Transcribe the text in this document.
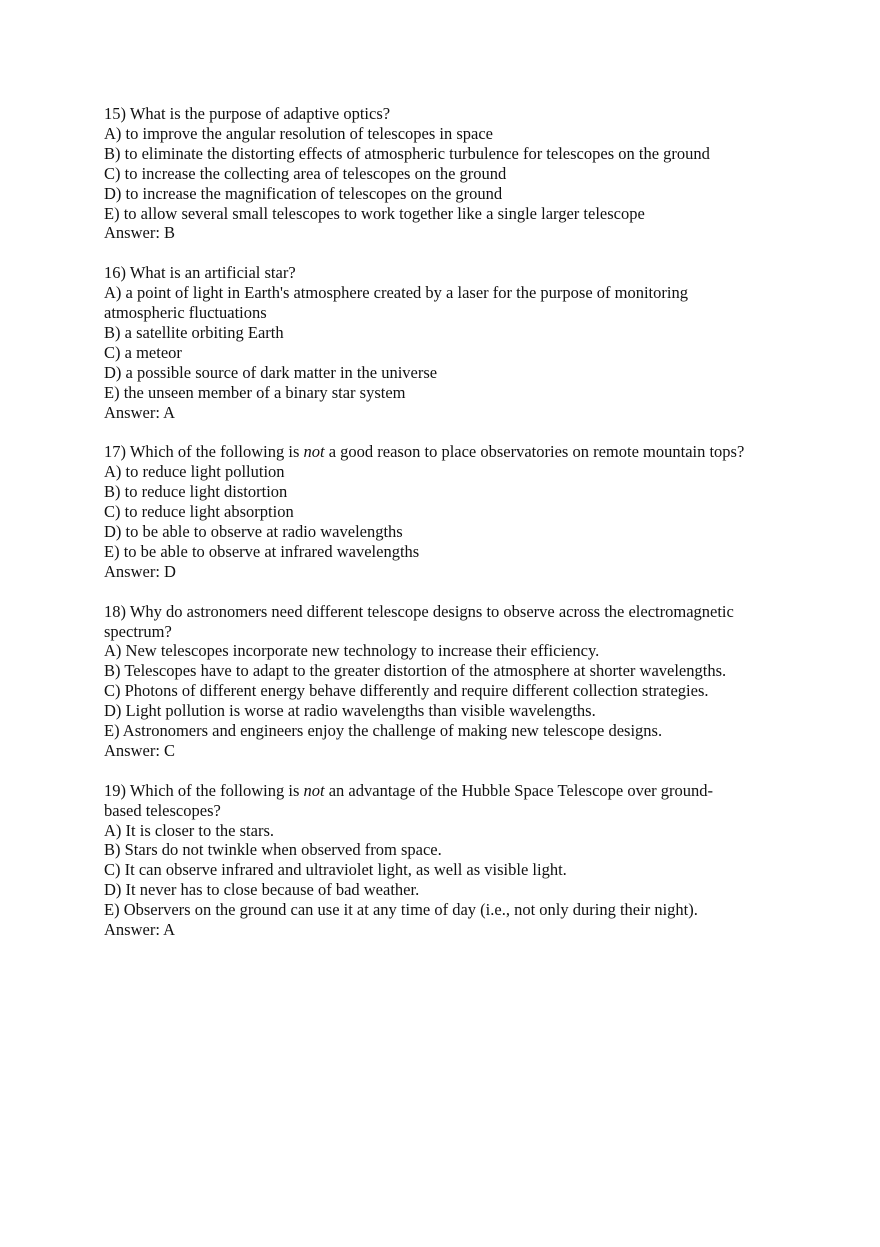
15) What is the purpose of adaptive optics?
A) to improve the angular resolution of telescopes in space
B) to eliminate the distorting effects of atmospheric turbulence for telescopes on the ground
C) to increase the collecting area of telescopes on the ground
D) to increase the magnification of telescopes on the ground
E) to allow several small telescopes to work together like a single larger telescope
Answer: B
16) What is an artificial star?
A) a point of light in Earth's atmosphere created by a laser for the purpose of monitoring
atmospheric fluctuations
B) a satellite orbiting Earth
C) a meteor
D) a possible source of dark matter in the universe
E) the unseen member of a binary star system
Answer: A
17) Which of the following is not a good reason to place observatories on remote mountain tops?
A) to reduce light pollution
B) to reduce light distortion
C) to reduce light absorption
D) to be able to observe at radio wavelengths
E) to be able to observe at infrared wavelengths
Answer: D
18) Why do astronomers need different telescope designs to observe across the electromagnetic
spectrum?
A) New telescopes incorporate new technology to increase their efficiency.
B) Telescopes have to adapt to the greater distortion of the atmosphere at shorter wavelengths.
C) Photons of different energy behave differently and require different collection strategies.
D) Light pollution is worse at radio wavelengths than visible wavelengths.
E) Astronomers and engineers enjoy the challenge of making new telescope designs.
Answer: C
19) Which of the following is not an advantage of the Hubble Space Telescope over ground-
based telescopes?
A) It is closer to the stars.
B) Stars do not twinkle when observed from space.
C) It can observe infrared and ultraviolet light, as well as visible light.
D) It never has to close because of bad weather.
E) Observers on the ground can use it at any time of day (i.e., not only during their night).
Answer: A
